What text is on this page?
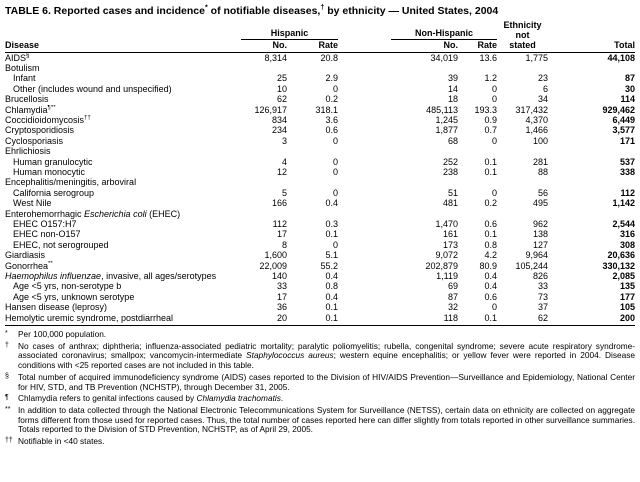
TABLE 6. Reported cases and incidence* of notifiable diseases,† by ethnicity — United States, 2004

	Hispanic		Non-Hispanic		Ethnicity
not	
Disease	No.	Rate	No.	Rate	stated	Total
AIDS§	8,314	20.8	34,019	13.6	1,775	44,108
Botulism						
Infant	25	2.9	39	1.2	23	87
Other (includes wound and unspecified)	10	0	14	0	6	30
Brucellosis	62	0.2	18	0	34	114
Chlamydia¶**	126,917	318.1	485,113	193.3	317,432	929,462
Coccidioidomycosis††	834	3.6	1,245	0.9	4,370	6,449
Cryptosporidiosis	234	0.6	1,877	0.7	1,466	3,577
Cyclosporiasis	3	0	68	0	100	171
Ehrlichiosis						
Human granulocytic	4	0	252	0.1	281	537
Human monocytic	12	0	238	0.1	88	338
Encephalitis/meningitis, arboviral						
California serogroup	5	0	51	0	56	112
West Nile	166	0.4	481	0.2	495	1,142
Enterohemorrhagic Escherichia coli (EHEC)						
EHEC O157:H7	112	0.3	1,470	0.6	962	2,544
EHEC non-O157	17	0.1	161	0.1	138	316
EHEC, not serogrouped	8	0	173	0.8	127	308
Giardiasis	1,600	5.1	9,072	4.2	9,964	20,636
Gonorrhea**	22,009	55.2	202,879	80.9	105,244	330,132
Haemophilus influenzae, invasive, all ages/serotypes	140	0.4	1,119	0.4	826	2,085
Age <5 yrs, non-serotype b	33	0.8	69	0.4	33	135
Age <5 yrs, unknown serotype	17	0.4	87	0.6	73	177
Hansen disease (leprosy)	36	0.1	32	0	37	105
Hemolytic uremic syndrome, postdiarrheal	20	0.1	118	0.1	62	200
* Per 100,000 population.
† No cases of anthrax; diphtheria; influenza-associated pediatric mortality; paralytic poliomyelitis; rubella, congenital syndrome; severe acute respiratory syndrome-associated coronavirus; smallpox; vancomycin-intermediate Staphylococcus aureus; western equine encephalitis; or yellow fever were reported in 2004. Disease conditions with <25 reported cases are not included in this table.
§ Total number of acquired immunodeficiency syndrome (AIDS) cases reported to the Division of HIV/AIDS Prevention—Surveillance and Epidemiology, National Center for HIV, STD, and TB Prevention (NCHSTP), through December 31, 2005.
¶ Chlamydia refers to genital infections caused by Chlamydia trachomatis.
** In addition to data collected through the National Electronic Telecommunications System for Surveillance (NETSS), certain data on ethnicity are collected on aggregate forms different from those used for reported cases. Thus, the total number of cases reported here can differ slightly from totals reported in other surveillance summaries. Totals reported to the Division of STD Prevention, NCHSTP, as of April 29, 2005.
†† Notifiable in <40 states.
